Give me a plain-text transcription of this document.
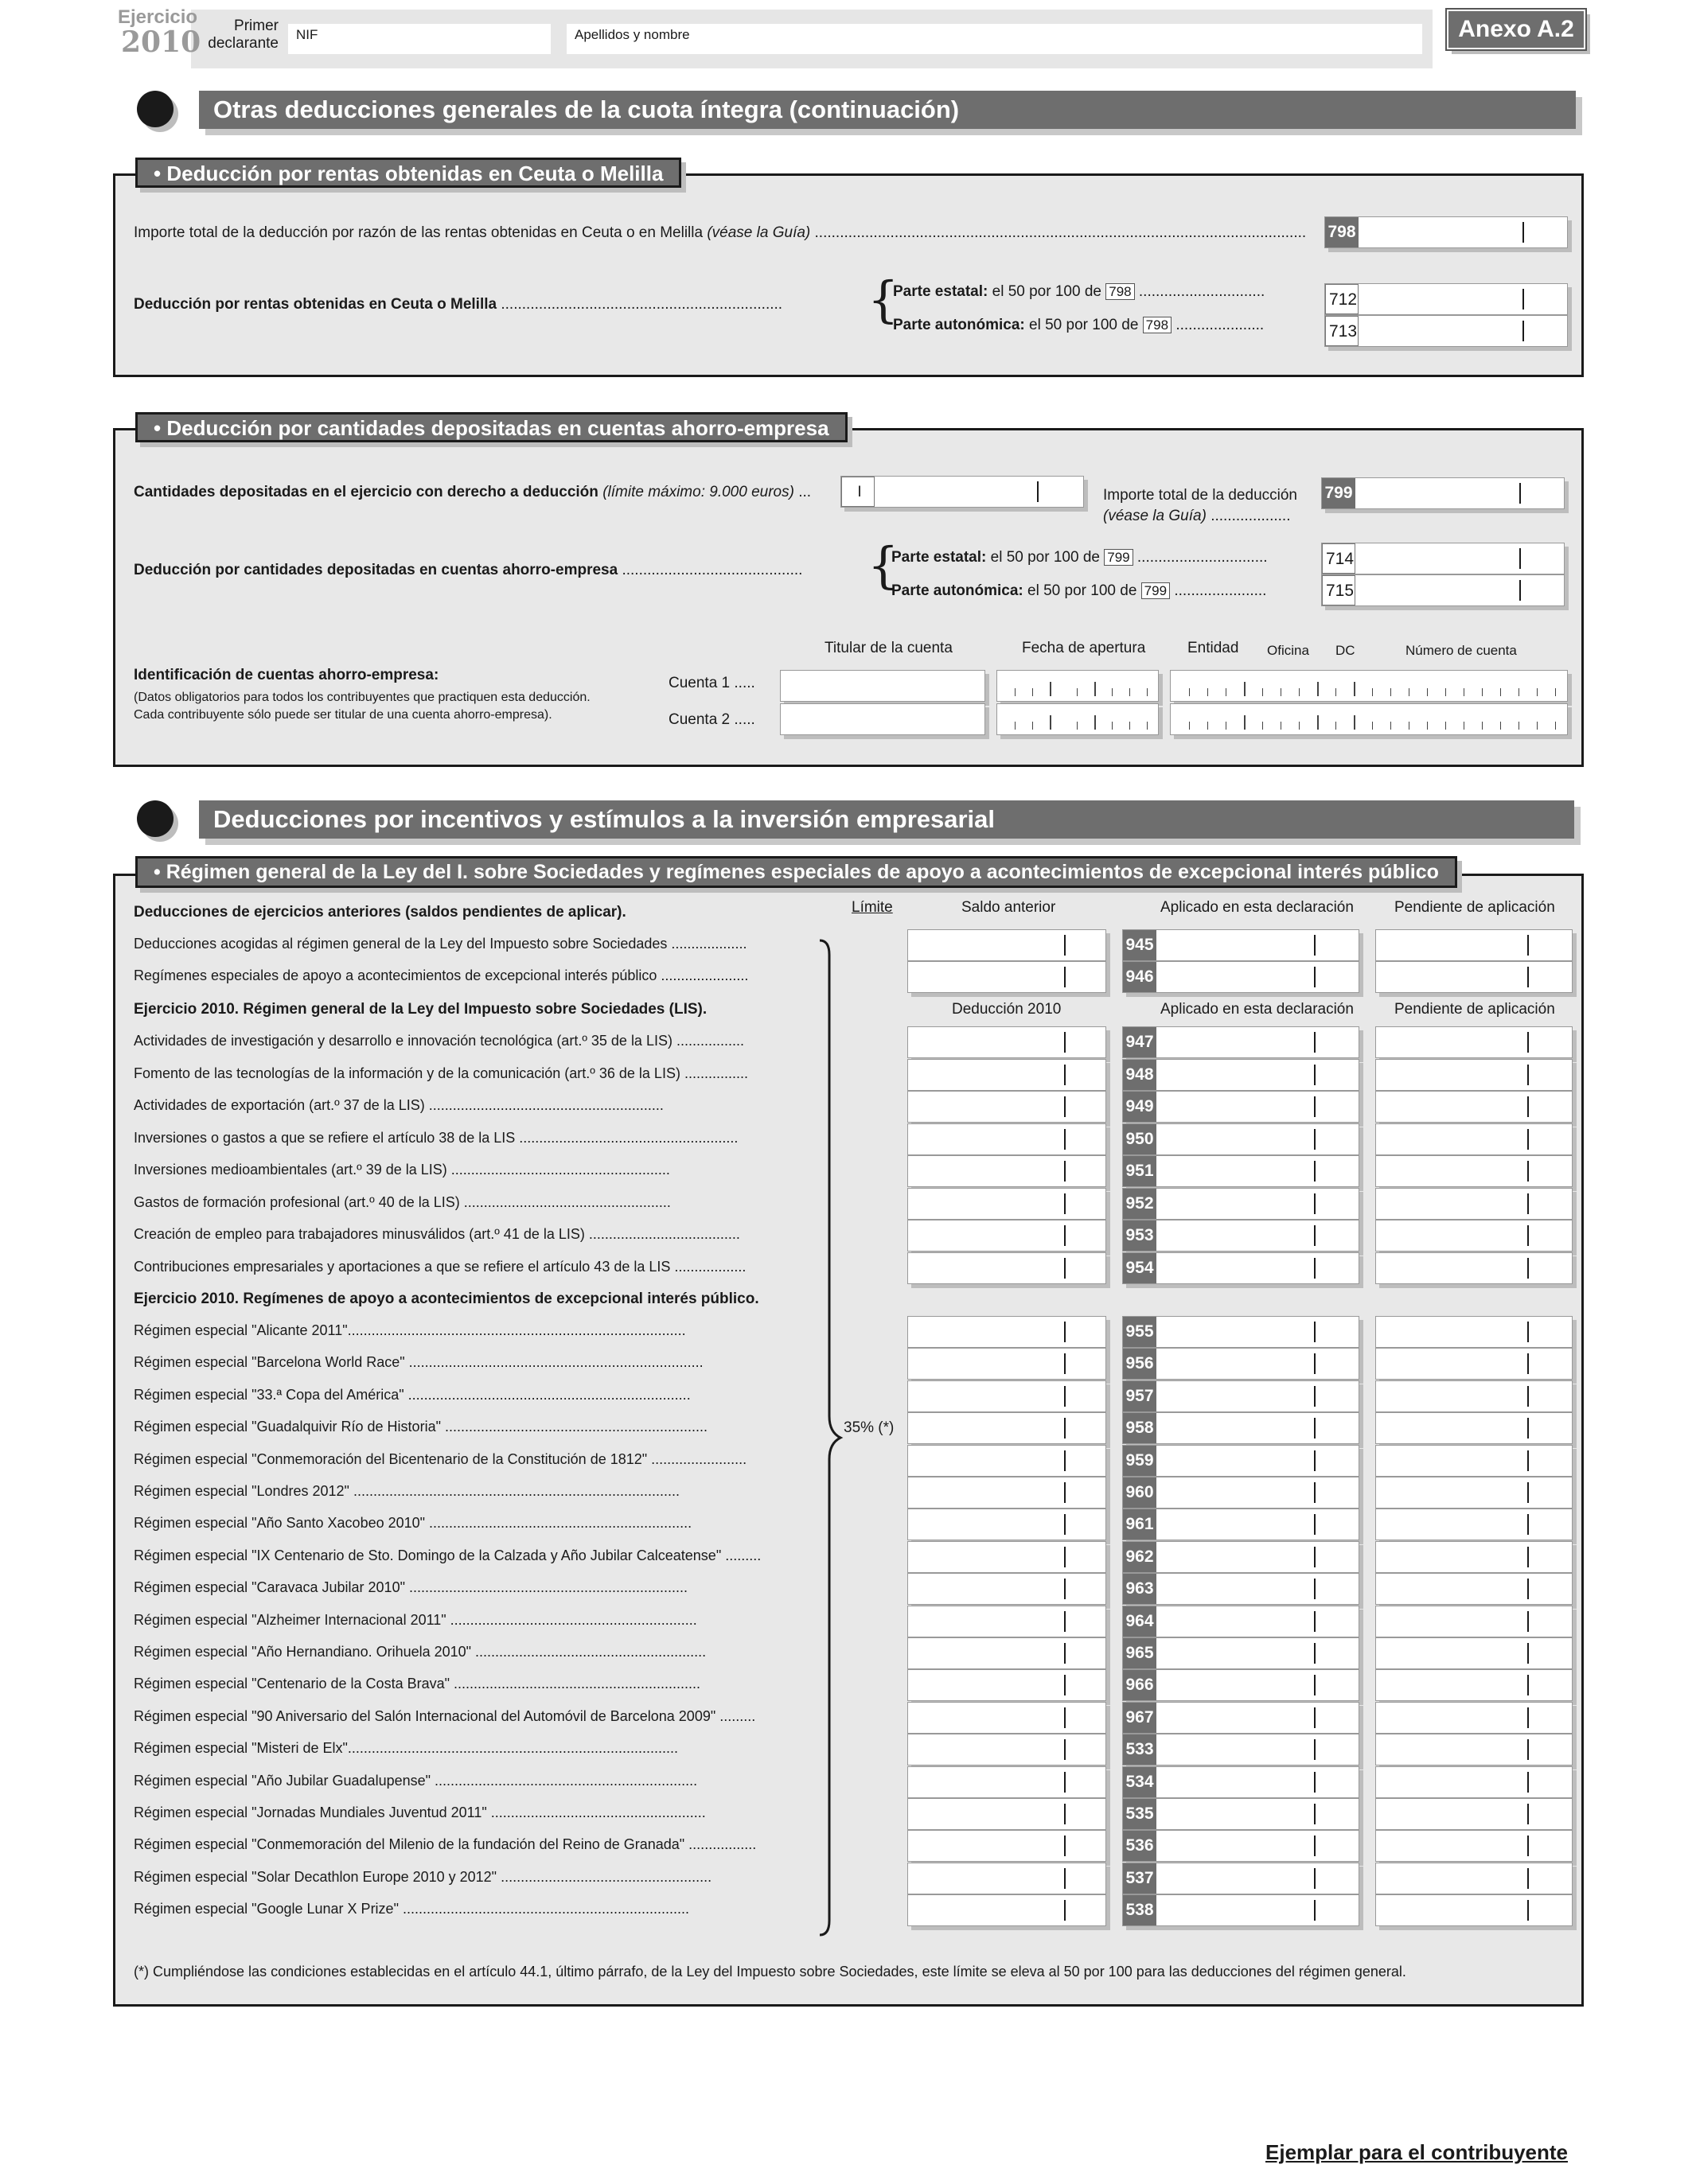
Ejercicio
2010	Primer declarante
NIF	Apellidos y nombre	Anexo A.2
Otras deducciones generales de la cuota íntegra (continuación)
• Deducción por rentas obtenidas en Ceuta o Melilla
Importe total de la deducción por razón de las rentas obtenidas en Ceuta o en Melilla (véase la Guía) ..................................................................................................................... 798
Deducción por rentas obtenidas en Ceuta o Melilla ................................................................... {
Parte estatal: el 50 por 100 de 798 ..............................
Parte autonómica: el 50 por 100 de 798 .....................
712
713
• Deducción por cantidades depositadas en cuentas ahorro-empresa
Cantidades depositadas en el ejercicio con derecho a deducción (límite máximo: 9.000 euros) ...	I	Importe total de la deducción
(véase la Guía) ...................
799
Deducción por cantidades depositadas en cuentas ahorro-empresa ........................................... {
Parte estatal: el 50 por 100 de 799 ...............................
Parte autonómica: el 50 por 100 de 799 ......................
714
715
Titular de la cuenta	Fecha de apertura	Entidad Oficina DC	Número de cuenta
Identificación de cuentas ahorro-empresa:
(Datos obligatorios para todos los contribuyentes que practiquen esta deducción.
Cada contribuyente sólo puede ser titular de una cuenta ahorro-empresa).
Cuenta 1 .....
Cuenta 2 .....
Deducciones por incentivos y estímulos a la inversión empresarial
• Régimen general de la Ley del I. sobre Sociedades y regímenes especiales de apoyo a acontecimientos de excepcional interés público
Deducciones de ejercicios anteriores (saldos pendientes de aplicar).	Límite	Saldo anterior	Aplicado en esta declaración	Pendiente de aplicación
Deducciones acogidas al régimen general de la Ley del Impuesto sobre Sociedades ...................	945
Regímenes especiales de apoyo a acontecimientos de excepcional interés público ......................	946
Ejercicio 2010. Régimen general de la Ley del Impuesto sobre Sociedades (LIS).	Deducción 2010	Aplicado en esta declaración	Pendiente de aplicación
Actividades de investigación y desarrollo e innovación tecnológica (art.º 35 de la LIS) .................	947
Fomento de las tecnologías de la información y de la comunicación (art.º 36 de la LIS) ................	948
Actividades de exportación (art.º 37 de la LIS) ...........................................................	949
Inversiones o gastos a que se refiere el artículo 38 de la LIS .......................................................	950
Inversiones medioambientales (art.º 39 de la LIS) .......................................................	951
Gastos de formación profesional (art.º 40 de la LIS) ....................................................	952
Creación de empleo para trabajadores minusválidos (art.º 41 de la LIS) ......................................	953
Contribuciones empresariales y aportaciones a que se refiere el artículo 43 de la LIS ..................	954
Ejercicio 2010. Regímenes de apoyo a acontecimientos de excepcional interés público.
Régimen especial "Alicante 2011".....................................................................................	955
Régimen especial "Barcelona World Race" ..........................................................................	956
Régimen especial "33.ª Copa del América" .......................................................................	957
Régimen especial "Guadalquivir Río de Historia" ..................................................................	958
Régimen especial "Conmemoración del Bicentenario de la Constitución de 1812" ........................	959
Régimen especial "Londres 2012" ..................................................................................	960
Régimen especial "Año Santo Xacobeo 2010" ..................................................................	961
Régimen especial "IX Centenario de Sto. Domingo de la Calzada y Año Jubilar Calceatense" .........	962
Régimen especial "Caravaca Jubilar 2010" ......................................................................	963
Régimen especial "Alzheimer Internacional 2011" ..............................................................	964
Régimen especial "Año Hernandiano. Orihuela 2010" ..........................................................	965
Régimen especial "Centenario de la Costa Brava" ..............................................................	966
Régimen especial "90 Aniversario del Salón Internacional del Automóvil de Barcelona 2009" .........	967
Régimen especial "Misteri de Elx"...................................................................................	533
Régimen especial "Año Jubilar Guadalupense" ..................................................................	534
Régimen especial "Jornadas Mundiales Juventud 2011" ......................................................	535
Régimen especial "Conmemoración del Milenio de la fundación del Reino de Granada" .................	536
Régimen especial "Solar Decathlon Europe 2010 y 2012" .....................................................	537
Régimen especial "Google Lunar X Prize" ........................................................................	538
35% (*)
(*) Cumpliéndose las condiciones establecidas en el artículo 44.1, último párrafo, de la Ley del Impuesto sobre Sociedades, este límite se eleva al 50 por 100 para las deducciones del régimen general.
Ejemplar para el contribuyente
